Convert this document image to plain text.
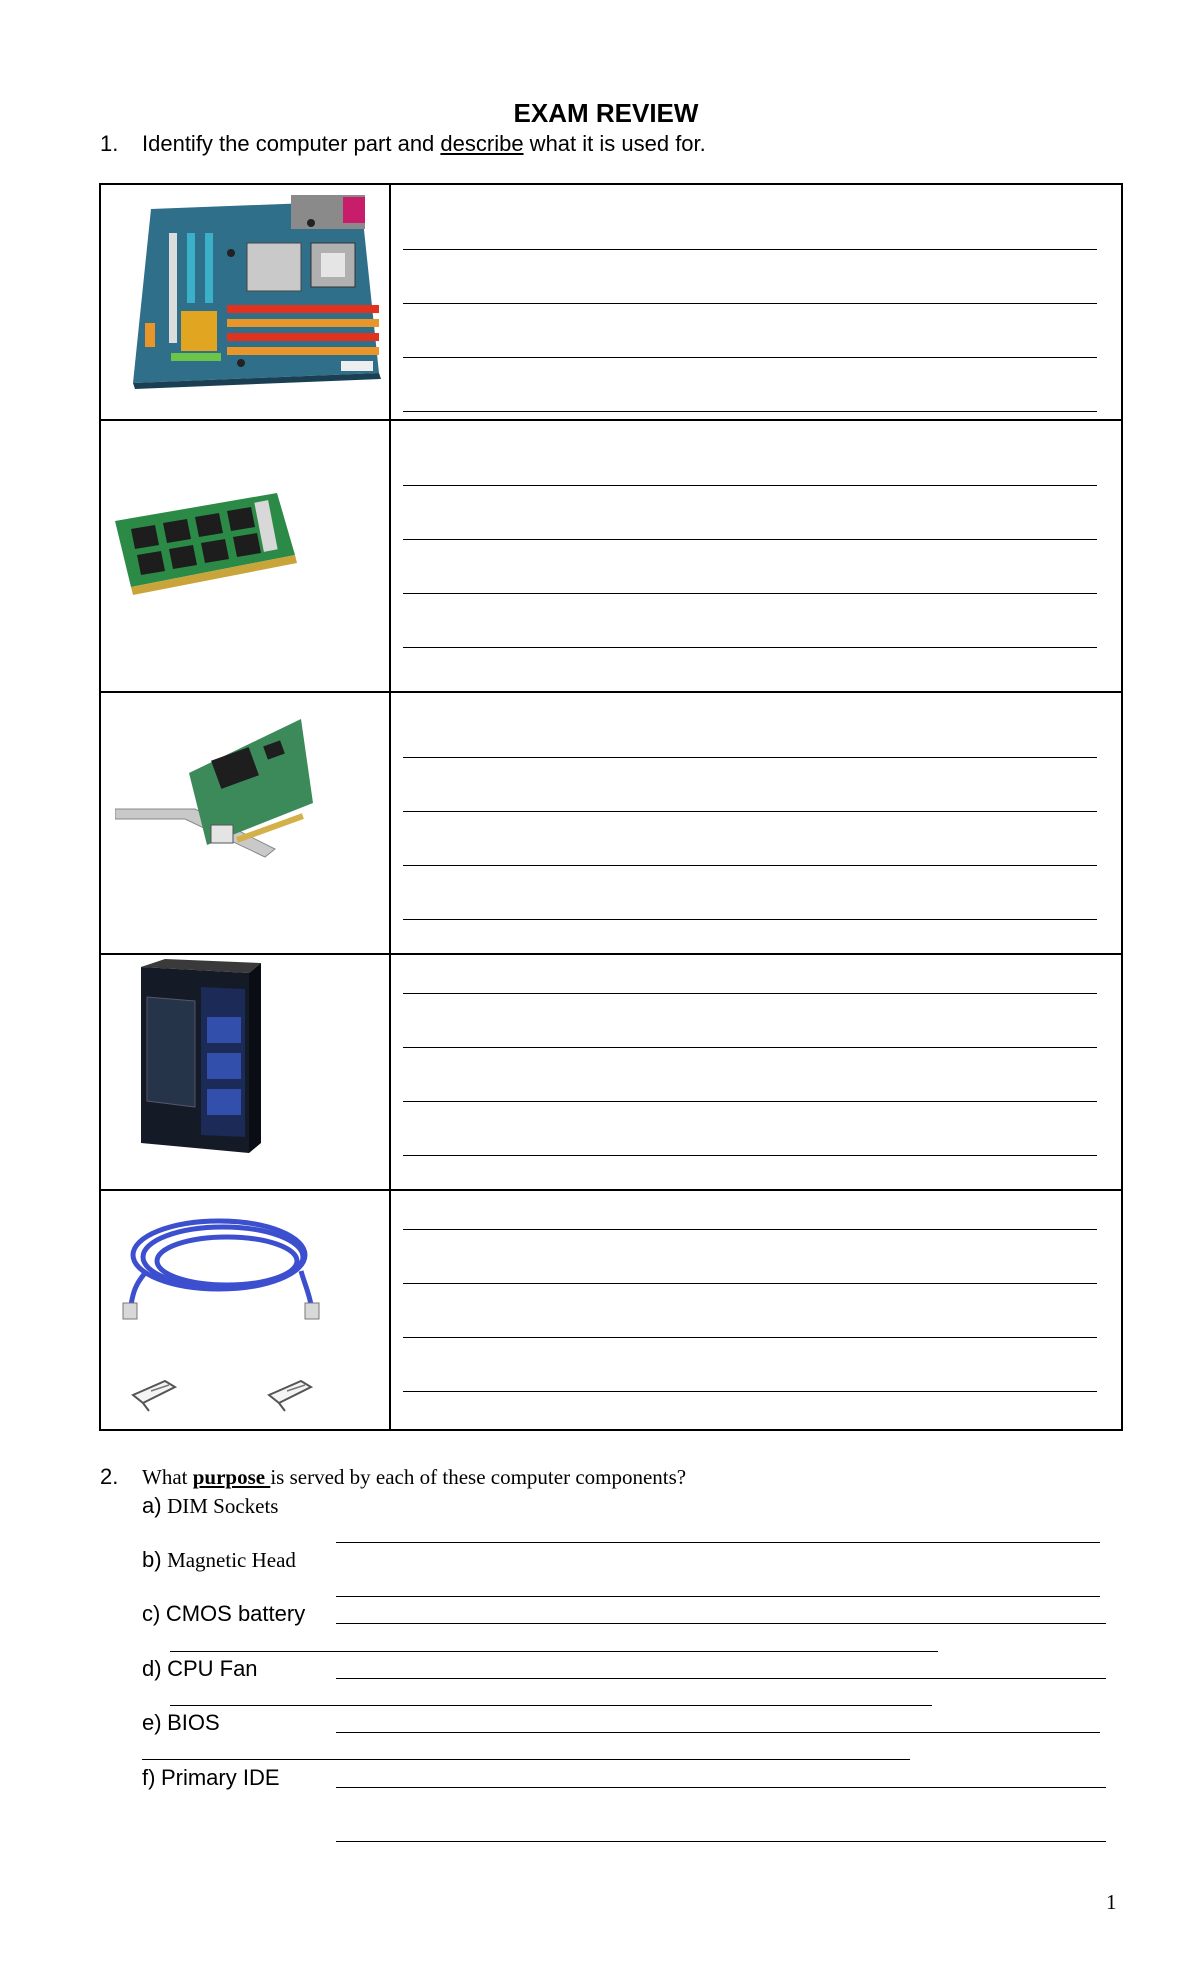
EXAM REVIEW
1. Identify the computer part and describe what it is used for.

2. What purpose is served by each of these computer components?
a) DIM Sockets
b) Magnetic Head
c) CMOS battery
d) CPU Fan
e) BIOS
f) Primary IDE
1
